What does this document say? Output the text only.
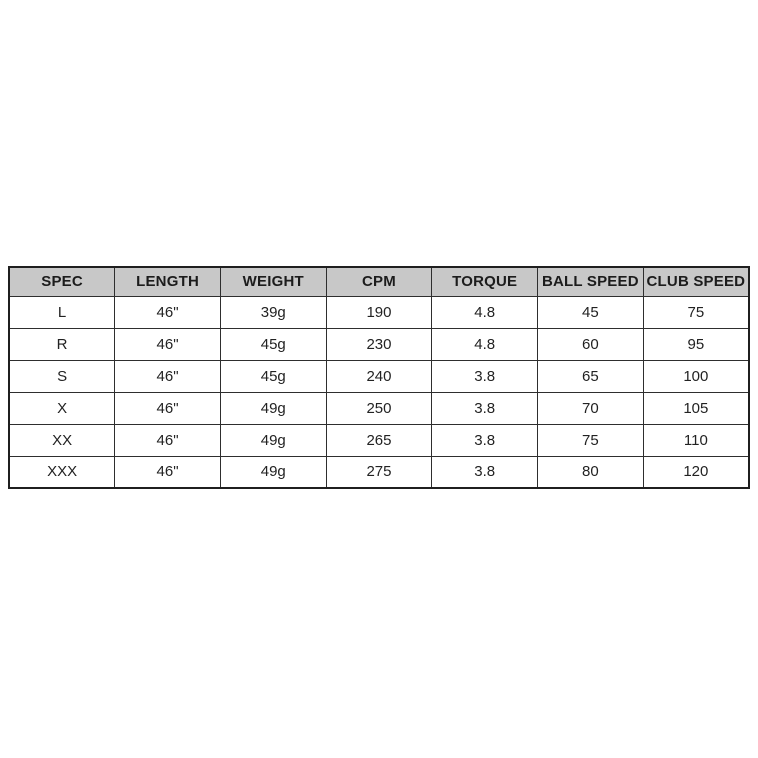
SPEC	LENGTH	WEIGHT	CPM	TORQUE	BALL SPEED	CLUB SPEED
L	46"	39g	190	4.8	45	75
R	46"	45g	230	4.8	60	95
S	46"	45g	240	3.8	65	100
X	46"	49g	250	3.8	70	105
XX	46"	49g	265	3.8	75	110
XXX	46"	49g	275	3.8	80	120
